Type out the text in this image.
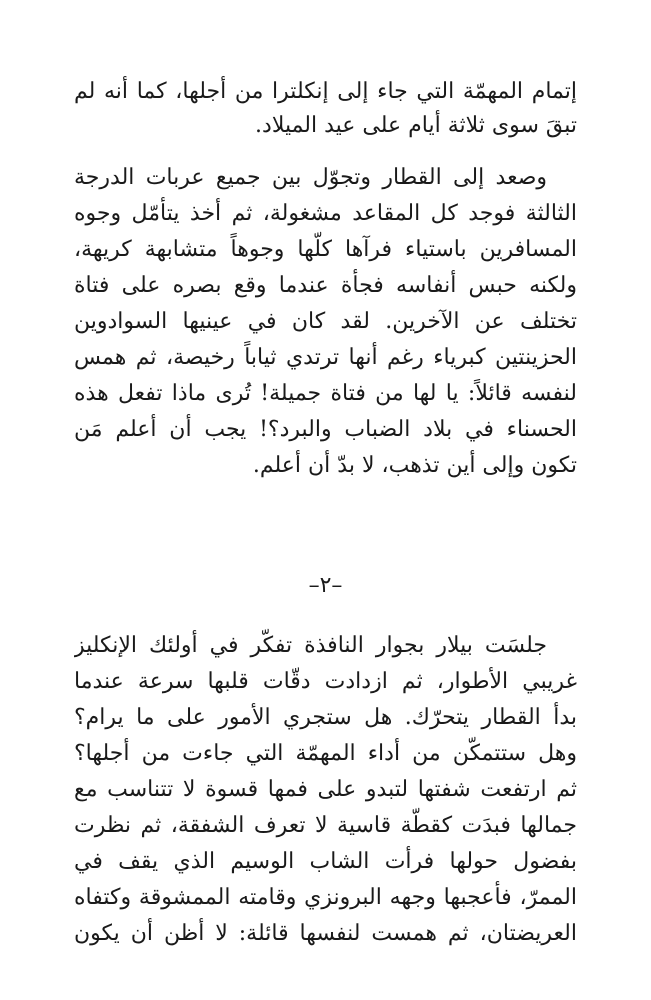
إتمام المهمّة التي جاء إلى إنكلترا من أجلها، كما أنه لم
تبقَ سوى ثلاثة أيام على عيد الميلاد.
وصعد إلى القطار وتجوّل بين جميع عربات الدرجة
الثالثة فوجد كل المقاعد مشغولة، ثم أخذ يتأمّل وجوه
المسافرين باستياء فرآها كلّها وجوهاً متشابهة كريهة،
ولكنه حبس أنفاسه فجأة عندما وقع بصره على فتاة
تختلف عن الآخرين. لقد كان في عينيها السوادوين
الحزينتين كبرياء رغم أنها ترتدي ثياباً رخيصة، ثم همس
لنفسه قائلاً: يا لها من فتاة جميلة! تُرى ماذا تفعل هذه
الحسناء في بلاد الضباب والبرد؟! يجب أن أعلم مَن
تكون وإلى أين تذهب، لا بدّ أن أعلم.
–٢–
جلسَت بيلار بجوار النافذة تفكّر في أولئك الإنكليز
غريبي الأطوار، ثم ازدادت دقّات قلبها سرعة عندما
بدأ القطار يتحرّك. هل ستجري الأمور على ما يرام؟
وهل ستتمكّن من أداء المهمّة التي جاءت من أجلها؟
ثم ارتفعت شفتها لتبدو على فمها قسوة لا تتناسب مع
جمالها فبدَت كقطّة قاسية لا تعرف الشفقة، ثم نظرت
بفضول حولها فرأت الشاب الوسيم الذي يقف في
الممرّ، فأعجبها وجهه البرونزي وقامته الممشوقة وكتفاه
العريضتان، ثم همست لنفسها قائلة: لا أظن أن يكون
